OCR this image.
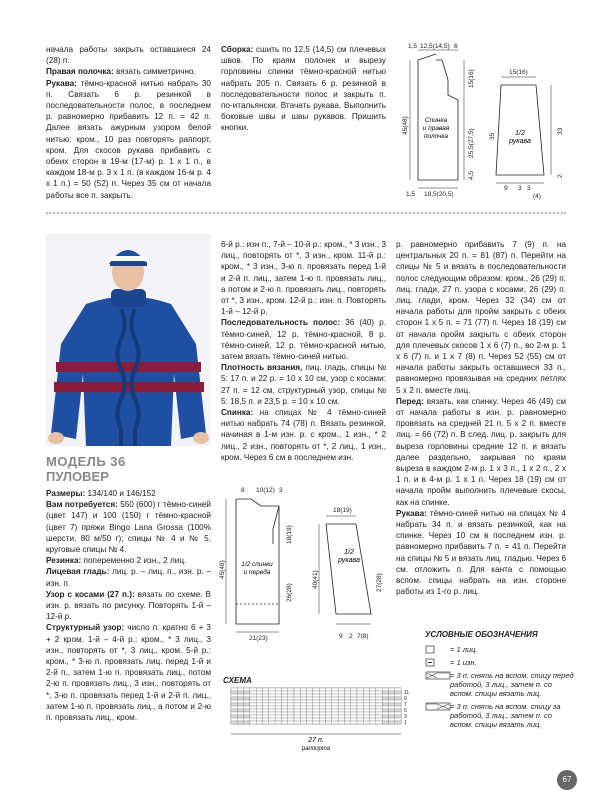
начала работы закрыть оставшиеся 24 (28) п.

Правая полочка: вязать симметрично.

Рукава: тёмно-красной нитью набрать 30 п. Связать 6 р. резинкой в последовательности полос, в последнем р. равномерно прибавить 12 п. = 42 п. Далее вязать ажурным узором белой нитью: кром., 10 раз повторять раппорт, кром. Для скосов рукава прибавить с обеих сторон в 19-м (17-м) р. 1 х 1 п., в каждом 18-м р. 3 х 1 п. (в каждом 16-м р. 4 х 1 п.) = 50 (52) п. Через 35 см от начала работы все п. закрыть.

Сборка: сшить по 12,5 (14,5) см плечевых швов. По краям полочек и вырезу горловины спинки тёмно-красной нитью набрать 205 п. Связать 6 р. резинкой в последовательности полос и закрыть п. по-итальянски. Втачать рукава. Выполнить боковые швы и швы рукавов. Пришить кнопки.

Спинка и правая полочка	1/2 рукава
1,5 12,5(14,5) 6
45(48)
25,5(27,5)
15(16)
4,5
1,5 18,5(20,5)
15(16)
35
33
2
9 3 3
(4)
МОДЕЛЬ 36
ПУЛОВЕР

Размеры: 134/140 и 146/152

Вам потребуется: 550 (600) г тёмно-синей (цвет 147) и 100 (150) г тёмно-красной (цвет 7) пряжи Bingo Lana Grossa (100% шерсти, 80 м/50 г); спицы № 4 и № 5, круговые спицы № 4.

Резинка: попеременно 2 изн., 2 лиц.

Лицевая гладь: лиц. р. – лиц. п., изн. р. – изн. п.

Узор с косами (27 п.): вязать по схеме. В изн. р. вязать по рисунку. Повторять 1-й – 12-й р.

Структурный узор: число п. кратно 6 + 3 + 2 кром. 1-й – 4-й р.: кром., * 3 лиц., 3 изн., повторять от *, 3 лиц., кром. 5-й р.: кром., * 3-ю п. провязать лиц. перед 1-й и 2-й п., затем 1-ю п. провязать лиц., потом 2-ю п. провязать лиц., 3 изн., повторять от *, 3-ю п. провязать перед 1-й и 2-й п. лиц., затем 1-ю п. провязать лиц., а потом и 2-ю п. провязать лиц., кром.

6-й р.: изн п., 7-й – 10-й р.: кром., * 3 изн., 3 лиц., повторять от *, 3 изн., кром. 11-й р.: кром., * 3 изн., 3-ю п. провязать перед 1-й и 2-й п. лиц., затем 1-ю п. провязать лиц., а потом и 2-ю п. провязать лиц., повторять от *, 3 изн., кром. 12-й р.: изн. п. Повторять 1-й – 12-й р.

Последовательность полос: 36 (40) р. тёмно-синей, 12 р. тёмно-красной, 8 р. тёмно-синей, 12 р. тёмно-красной нитью, затем вязать тёмно-синей нитью.

Плотность вязания, лиц. гладь, спицы № 5: 17 п. и 22 р. = 10 х 10 см, узор с косами: 27 п. = 12 см, структурный узор, спицы № 5: 18,5 п. и 23,5 р. = 10 х 10 см.

Спинка: на спицах № 4 тёмно-синей нитью набрать 74 (78) п. Вязать резинкой, начиная в 1-м изн. р. с кром., 1 изн., * 2 лиц., 2 изн., повторять от *, 2 лиц., 1 изн., кром. Через 6 см в последнем изн.

р. равномерно прибавить 7 (9) п. на центральных 20 п. = 81 (87) п. Перейти на спицы № 5 и вязать в последовательности полос следующим образом: кром., 26 (29) п. лиц. глади, 27 п. узора с косами, 26 (29) п. лиц. глади, кром. Через 32 (34) см от начала работы для пройм закрыть с обеих сторон 1 х 5 п. = 71 (77) п. Через 18 (19) см от начала пройм закрыть с обеих сторон для плечевых скосов 1 х 6 (7) п., во 2-м р. 1 х 6 (7) п. и 1 х 7 (8) п. Через 52 (55) см от начала работы закрыть оставшиеся 33 п., равномерно провязывая на средних петлях 5 х 2 п. вместе лиц.

Перед: вязать, как спинку. Через 46 (49) см от начала работы в изн. р. равномерно провязать на средней 21 п. 5 х 2 п. вместе лиц. = 66 (72) п. В след. лиц. р. закрыть для выреза горловины средние 12 п. и вязать далее раздельно, закрывая по краям выреза в каждом 2-м р. 1 х 3 п., 1 х 2 п., 2 х 1 п. и в 4-м р. 1 х 1 п. Через 18 (19) см от начала пройм выполнить плечевые скосы, как на спинке.

Рукава: тёмно-синей нитью на спицах № 4 набрать 34 п. и вязать резинкой, как на спинке. Через 10 см в последнем изн. р. равномерно прибавить 7 п. = 41 п. Перейти на спицы № 5 и вязать лиц. гладью. Через 6 см. отложить п. Для канта с помощью вспом. спицы набрать на изн. стороне работы из 1-го р. лиц.

8 10(12) 3
45(48)
18(19)
26(28)
21(23)
18(19)
40(41)	27(28)
9 2 7(8)
1/2 спинки и переда
1/2 рукава
СХЕМА
27 п.
раппорта
11
9
7
5
3
1
УСЛОВНЫЕ ОБОЗНАЧЕНИЯ
= 1 лиц.
= 1 изн.
= 3 п. снять на вспом. спицу перед работой, 3 лиц., затем п. со вспом. спицы вязать лиц.
= 3 п. снять на вспом. спицу за работой, 3 лиц., затем п. со вспом. спицы вязать лиц.
67
